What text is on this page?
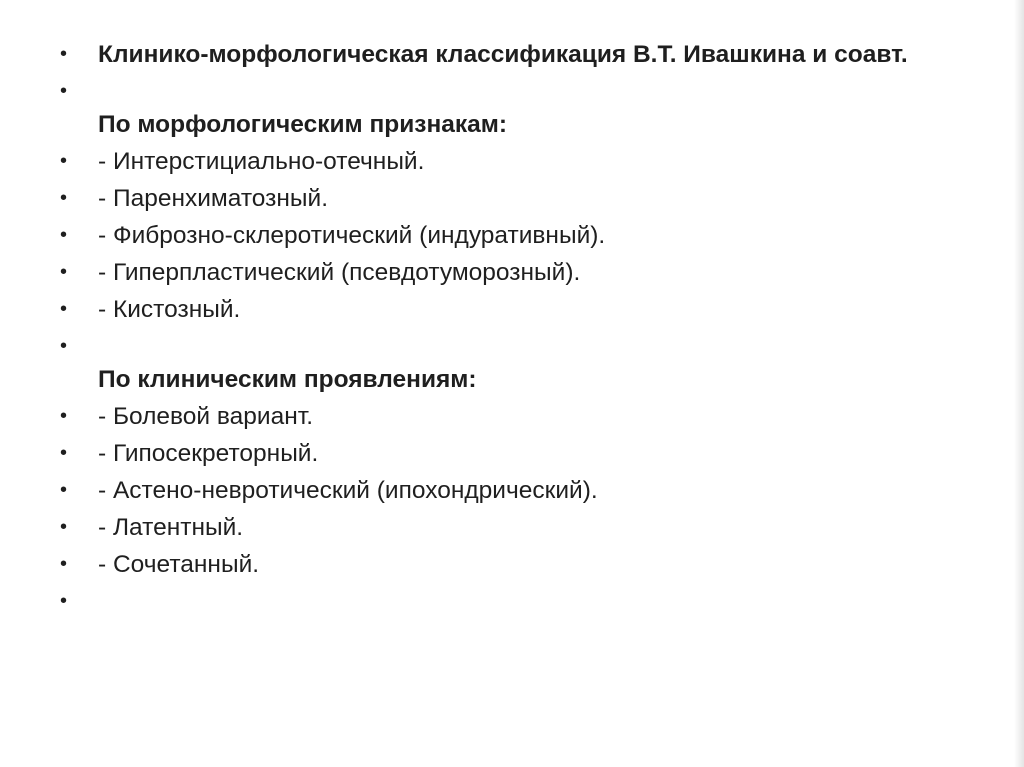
• Клинико-морфологическая классификация В.Т. Ивашкина и соавт.
•
По морфологическим признакам:
• - Интерстициально-отечный.
• - Паренхиматозный.
• - Фиброзно-склеротический (индуративный).
• - Гиперпластический (псевдотуморозный).
• - Кистозный.
•
По клиническим проявлениям:
• - Болевой вариант.
• - Гипосекреторный.
• - Астено-невротический (ипохондрический).
• - Латентный.
• - Сочетанный.
•
